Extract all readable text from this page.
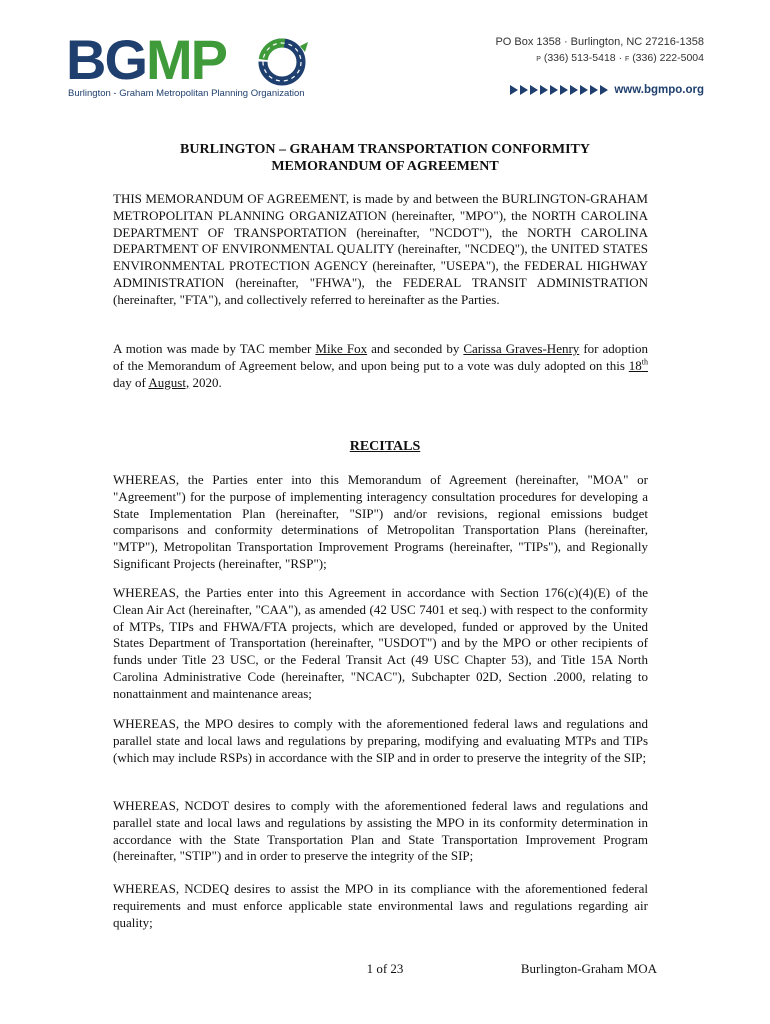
BGMP
Burlington - Graham Metropolitan Planning Organization
PO Box 1358 · Burlington, NC 27216-1358
P (336) 513-5418 · F (336) 222-5004
www.bgmpo.org
BURLINGTON – GRAHAM TRANSPORTATION CONFORMITY
MEMORANDUM OF AGREEMENT

THIS MEMORANDUM OF AGREEMENT, is made by and between the BURLINGTON-GRAHAM METROPOLITAN PLANNING ORGANIZATION (hereinafter, "MPO"), the NORTH CAROLINA DEPARTMENT OF TRANSPORTATION (hereinafter, "NCDOT"), the NORTH CAROLINA DEPARTMENT OF ENVIRONMENTAL QUALITY (hereinafter, "NCDEQ"), the UNITED STATES ENVIRONMENTAL PROTECTION AGENCY (hereinafter, "USEPA"), the FEDERAL HIGHWAY ADMINISTRATION (hereinafter, "FHWA"), the FEDERAL TRANSIT ADMINISTRATION (hereinafter, "FTA"), and collectively referred to hereinafter as the Parties.

A motion was made by TAC member Mike Fox and seconded by Carissa Graves-Henry for adoption of the Memorandum of Agreement below, and upon being put to a vote was duly adopted on this 18th day of August, 2020.

RECITALS

WHEREAS, the Parties enter into this Memorandum of Agreement (hereinafter, "MOA" or "Agreement") for the purpose of implementing interagency consultation procedures for developing a State Implementation Plan (hereinafter, "SIP") and/or revisions, regional emissions budget comparisons and conformity determinations of Metropolitan Transportation Plans (hereinafter, "MTP"), Metropolitan Transportation Improvement Programs (hereinafter, "TIPs"), and Regionally Significant Projects (hereinafter, "RSP");

WHEREAS, the Parties enter into this Agreement in accordance with Section 176(c)(4)(E) of the Clean Air Act (hereinafter, "CAA"), as amended (42 USC 7401 et seq.) with respect to the conformity of MTPs, TIPs and FHWA/FTA projects, which are developed, funded or approved by the United States Department of Transportation (hereinafter, "USDOT") and by the MPO or other recipients of funds under Title 23 USC, or the Federal Transit Act (49 USC Chapter 53), and Title 15A North Carolina Administrative Code (hereinafter, "NCAC"), Subchapter 02D, Section .2000, relating to nonattainment and maintenance areas;

WHEREAS, the MPO desires to comply with the aforementioned federal laws and regulations and parallel state and local laws and regulations by preparing, modifying and evaluating MTPs and TIPs (which may include RSPs) in accordance with the SIP and in order to preserve the integrity of the SIP;

WHEREAS, NCDOT desires to comply with the aforementioned federal laws and regulations and parallel state and local laws and regulations by assisting the MPO in its conformity determination in accordance with the State Transportation Plan and State Transportation Improvement Program (hereinafter, "STIP") and in order to preserve the integrity of the SIP;

WHEREAS, NCDEQ desires to assist the MPO in its compliance with the aforementioned federal requirements and must enforce applicable state environmental laws and regulations regarding air quality;

1 of 23	Burlington-Graham MOA
